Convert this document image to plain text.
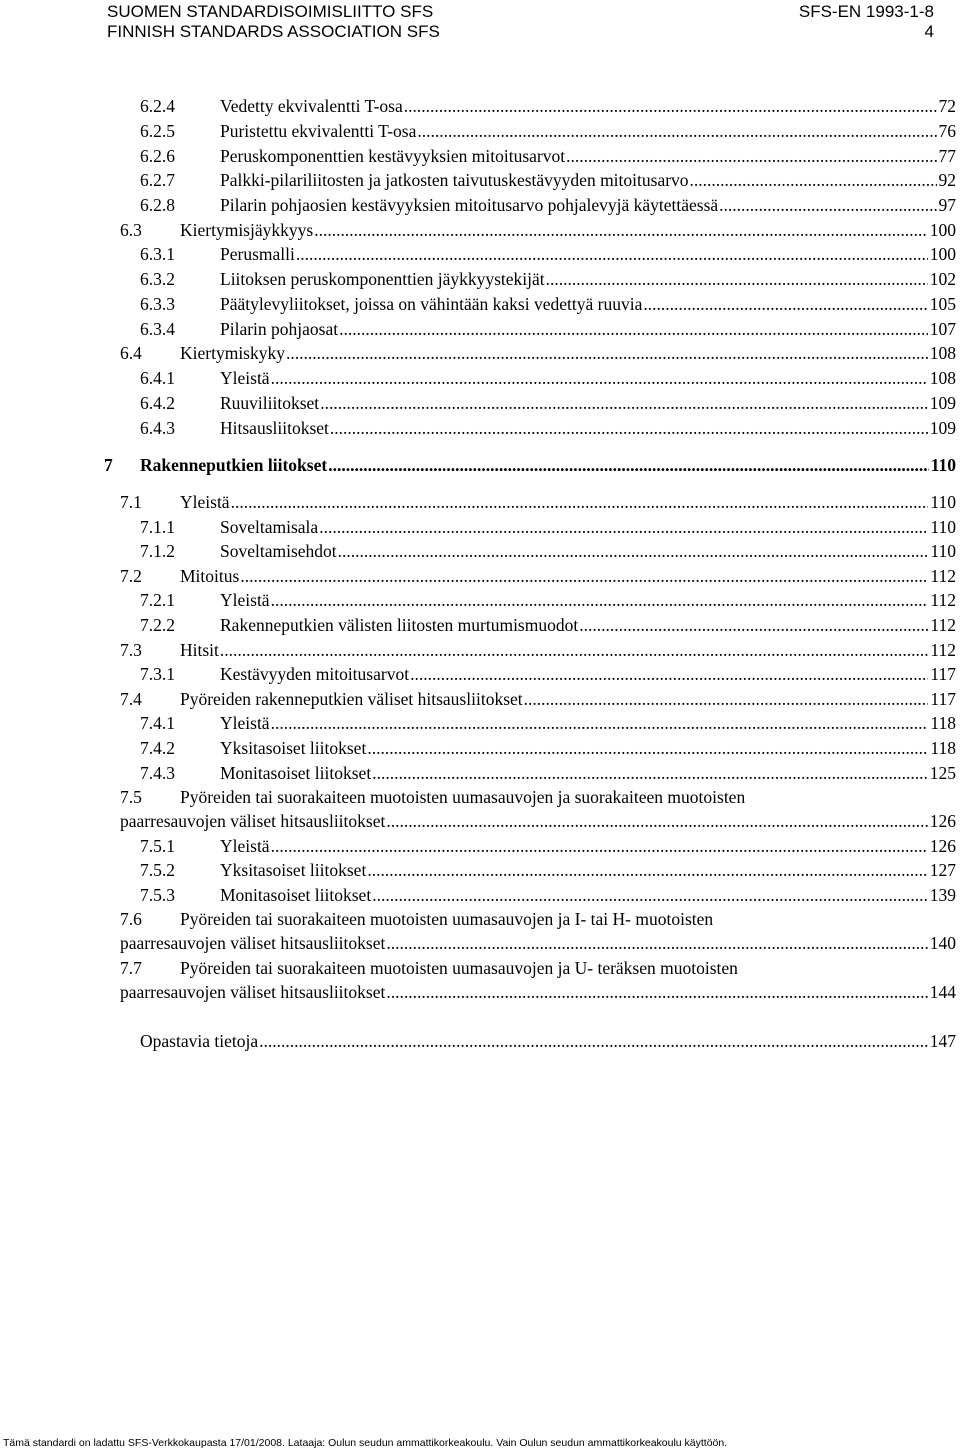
SUOMEN STANDARDISOIMISLIITTO SFS
FINNISH STANDARDS ASSOCIATION SFS
SFS-EN 1993-1-8
4
6.2.4	Vedetty ekvivalentti T-osa .....	72
6.2.5	Puristettu ekvivalentti T-osa .....	76
6.2.6	Peruskomponenttien kestävyyksien mitoitusarvot .....	77
6.2.7	Palkki-pilariliitosten ja jatkosten taivutuskestävyyden mitoitusarvo .....	92
6.2.8	Pilarin pohjaosien kestävyyksien mitoitusarvo pohjalevyjä käytettäessä .....	97
6.3 Kiertymisjäykkyys .....	100
6.3.1	Perusmalli .....	100
6.3.2	Liitoksen peruskomponenttien jäykkyystekijät .....	102
6.3.3	Päätylevyliitokset, joissa on vähintään kaksi vedettyä ruuvia .....	105
6.3.4	Pilarin pohjaosat .....	107
6.4 Kiertymiskyky .....	108
6.4.1	Yleistä .....	108
6.4.2	Ruuviliitokset .....	109
6.4.3	Hitsausliitokset .....	109
7 Rakenneputkien liitokset .....	110
7.1 Yleistä .....	110
7.1.1	Soveltamisala .....	110
7.1.2	Soveltamisehdot .....	110
7.2 Mitoitus .....	112
7.2.1	Yleistä .....	112
7.2.2	Rakenneputkien välisten liitosten murtumismuodot .....	112
7.3 Hitsit .....	112
7.3.1	Kestävyyden mitoitusarvot .....	117
7.4 Pyöreiden rakenneputkien väliset hitsausliitokset .....	117
7.4.1	Yleistä .....	118
7.4.2	Yksitasoiset liitokset .....	118
7.4.3	Monitasoiset liitokset .....	125
7.5 Pyöreiden tai suorakaiteen muotoisten uumasauvojen ja suorakaiteen muotoisten
paarresauvojen väliset hitsausliitokset .....	126
7.5.1	Yleistä .....	126
7.5.2	Yksitasoiset liitokset .....	127
7.5.3	Monitasoiset liitokset .....	139
7.6 Pyöreiden tai suorakaiteen muotoisten uumasauvojen ja I- tai H- muotoisten
paarresauvojen väliset hitsausliitokset .....	140
7.7 Pyöreiden tai suorakaiteen muotoisten uumasauvojen ja U- teräksen muotoisten
paarresauvojen väliset hitsausliitokset .....	144
Opastavia tietoja .....	147
Tämä standardi on ladattu SFS-Verkkokaupasta 17/01/2008. Lataaja: Oulun seudun ammattikorkeakoulu. Vain Oulun seudun ammattikorkeakoulu käyttöön.
